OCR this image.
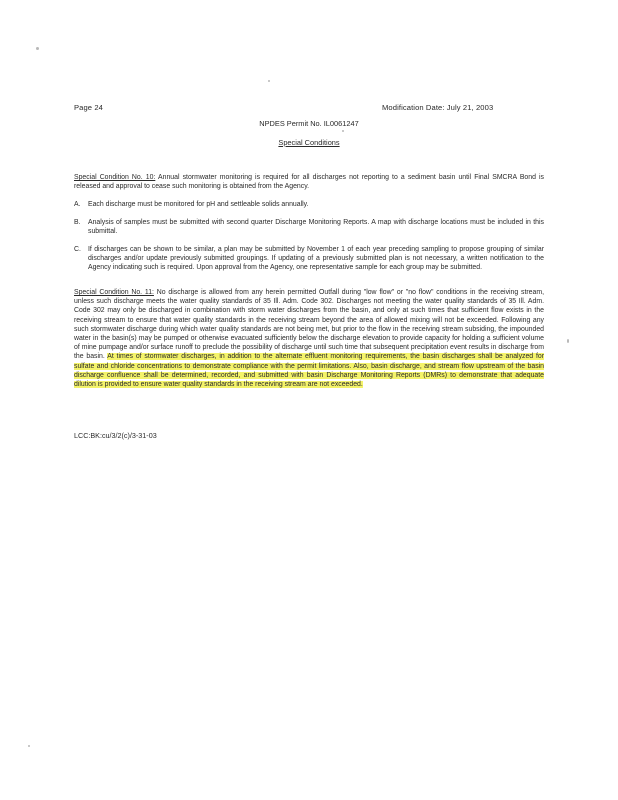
Page 24	Modification Date: July 21, 2003
NPDES Permit No. IL0061247
Special Conditions

Special Condition No. 10: Annual stormwater monitoring is required for all discharges not reporting to a sediment basin until Final SMCRA Bond is released and approval to cease such monitoring is obtained from the Agency.

A. Each discharge must be monitored for pH and settleable solids annually.
B. Analysis of samples must be submitted with second quarter Discharge Monitoring Reports. A map with discharge locations must be included in this submittal.
C. If discharges can be shown to be similar, a plan may be submitted by November 1 of each year preceding sampling to propose grouping of similar discharges and/or update previously submitted groupings. If updating of a previously submitted plan is not necessary, a written notification to the Agency indicating such is required. Upon approval from the Agency, one representative sample for each group may be submitted.

Special Condition No. 11: No discharge is allowed from any herein permitted Outfall during "low flow" or "no flow" conditions in the receiving stream, unless such discharge meets the water quality standards of 35 Ill. Adm. Code 302. Discharges not meeting the water quality standards of 35 Ill. Adm. Code 302 may only be discharged in combination with storm water discharges from the basin, and only at such times that sufficient flow exists in the receiving stream to ensure that water quality standards in the receiving stream beyond the area of allowed mixing will not be exceeded. Following any such stormwater discharge during which water quality standards are not being met, but prior to the flow in the receiving stream subsiding, the impounded water in the basin(s) may be pumped or otherwise evacuated sufficiently below the discharge elevation to provide capacity for holding a sufficient volume of mine pumpage and/or surface runoff to preclude the possibility of discharge until such time that subsequent precipitation event results in discharge from the basin. At times of stormwater discharges, in addition to the alternate effluent monitoring requirements, the basin discharges shall be analyzed for sulfate and chloride concentrations to demonstrate compliance with the permit limitations. Also, basin discharge, and stream flow upstream of the basin discharge confluence shall be determined, recorded, and submitted with basin Discharge Monitoring Reports (DMRs) to demonstrate that adequate dilution is provided to ensure water quality standards in the receiving stream are not exceeded.

LCC:BK:cu/3/2(c)/3-31-03
